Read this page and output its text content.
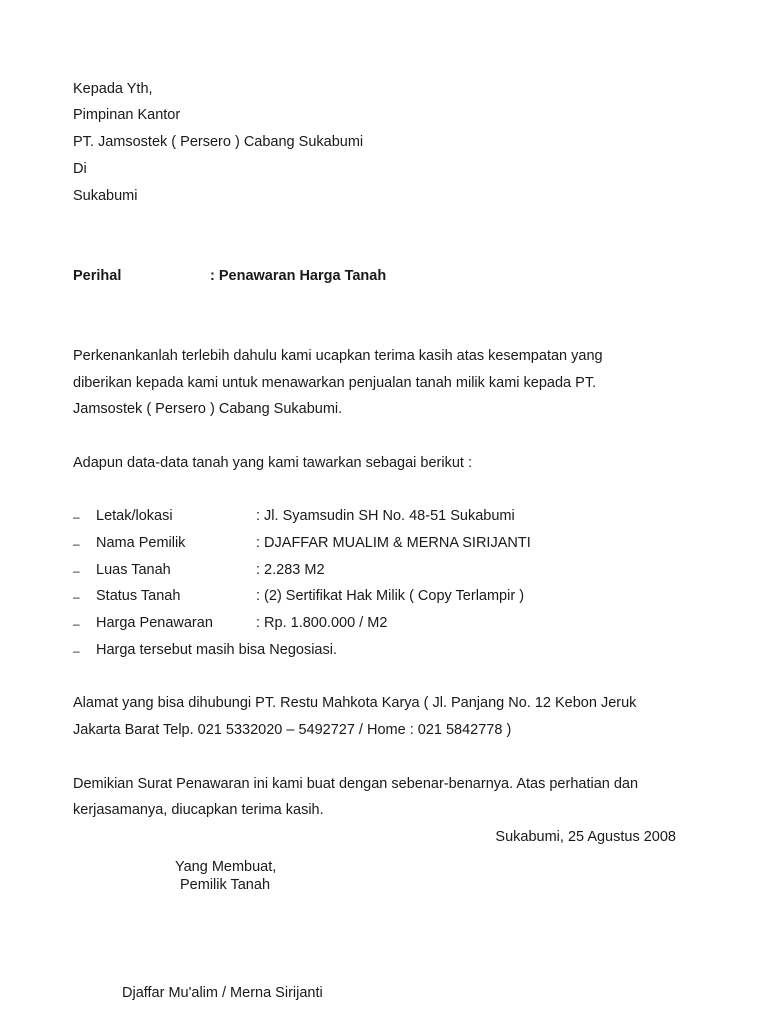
Kepada Yth,
Pimpinan Kantor
PT. Jamsostek ( Persero ) Cabang Sukabumi
Di
Sukabumi
Perihal	: Penawaran Harga Tanah
Perkenankanlah terlebih dahulu kami ucapkan terima kasih atas kesempatan yang
diberikan kepada kami untuk menawarkan penjualan tanah milik kami kepada PT.
Jamsostek ( Persero ) Cabang Sukabumi.
Adapun data-data tanah yang kami tawarkan sebagai berikut :
– Letak/lokasi	: Jl. Syamsudin SH No. 48-51 Sukabumi
– Nama Pemilik	: DJAFFAR MUALIM & MERNA SIRIJANTI
– Luas Tanah	: 2.283 M2
– Status Tanah	: (2) Sertifikat Hak Milik ( Copy Terlampir )
– Harga Penawaran	: Rp. 1.800.000 / M2
– Harga tersebut masih bisa Negosiasi.
Alamat yang bisa dihubungi PT. Restu Mahkota Karya ( Jl. Panjang No. 12 Kebon Jeruk
Jakarta Barat Telp. 021 5332020 – 5492727 / Home : 021 5842778 )
Demikian Surat Penawaran ini kami buat dengan sebenar-benarnya. Atas perhatian dan
kerjasamanya, diucapkan terima kasih.
Sukabumi, 25 Agustus 2008
Yang Membuat,
Pemilik Tanah
Djaffar Mu'alim / Merna Sirijanti
